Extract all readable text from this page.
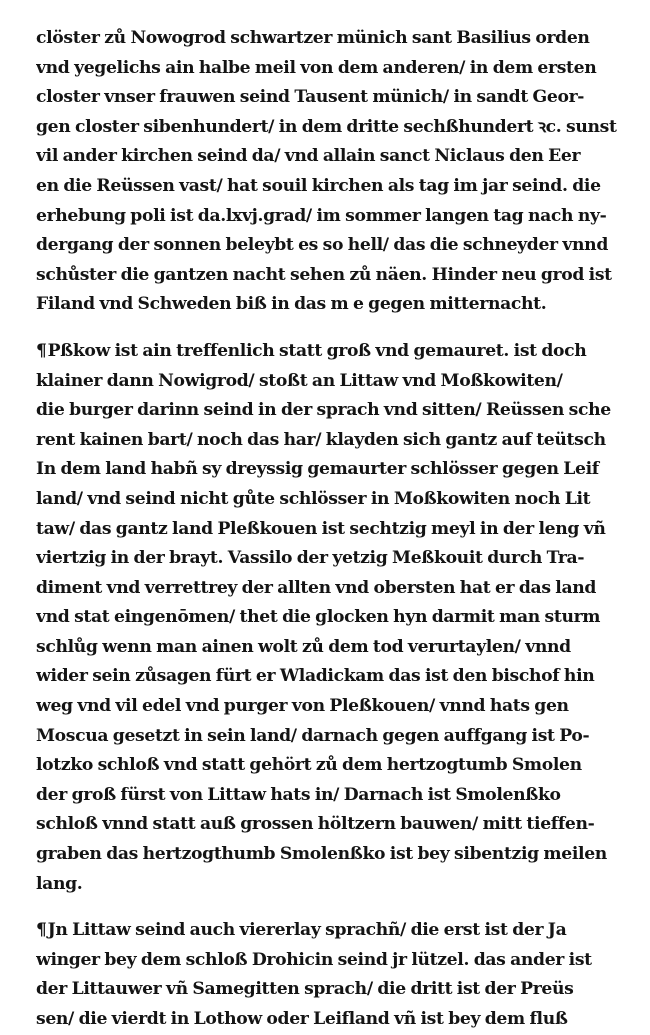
clöster zů Nowogrod schwartzer münich sant Basilius orden
vnd yegelichs ain halbe meil von dem anderen/ in dem ersten
closter vnser frauwen seind Tausent münich/ in sandt Geor-
gen closter sibenhundert/ in dem dritte sechßhundert ꝛc. sunst
vil ander kirchen seind da/ vnd allain sanct Niclaus den Eer
en die Reüssen vast/ hat souil kirchen als tag im jar seind. die
erhebung poli ist da.lxvj.grad/ im sommer langen tag nach ny-
dergang der sonnen beleybt es so hell/ das die schneyder vnnd
schůster die gantzen nacht sehen zů näen. Hinder neu grod ist
Filand vnd Schweden biß in das m e gegen mitternacht.
¶Pßkow ist ain treffenlich statt groß vnd gemauret. ist doch
klainer dann Nowigrod/ stoßt an Littaw vnd Moßkowiten/
die burger darinn seind in der sprach vnd sitten/ Reüssen sche
rent kainen bart/ noch das har/ klayden sich gantz auf teütsch
In dem land habñ sy dreyssig gemaurter schlösser gegen Leif
land/ vnd seind nicht gůte schlösser in Moßkowiten noch Lit
taw/ das gantz land Pleßkouen ist sechtzig meyl in der leng vñ
viertzig in der brayt. Vassilo der yetzig Meßkouit durch Tra-
diment vnd verrettrey der allten vnd obersten hat er das land
vnd stat eingenōmen/ thet die glocken hyn darmit man sturm
schlůg wenn man ainen wolt zů dem tod verurtaylen/ vnnd
wider sein zůsagen fürt er Wladickam das ist den bischof hin
weg vnd vil edel vnd purger von Pleßkouen/ vnnd hats gen
Moscua gesetzt in sein land/ darnach gegen auffgang ist Po-
lotzko schloß vnd statt gehört zů dem hertzogtumb Smolen
der groß fürst von Littaw hats in/ Darnach ist Smolenßko
schloß vnnd statt auß grossen höltzern bauwen/ mitt tieffen-
graben das hertzogthumb Smolenßko ist bey sibentzig meilen
lang.
¶Jn Littaw seind auch viererlay sprachñ/ die erst ist der Ja
winger bey dem schloß Drohicin seind jr lützel. das ander ist
der Littauwer vñ Samegitten sprach/ die dritt ist der Preüs
sen/ die vierdt in Lothow oder Leifland vñ ist bey dem fluß
